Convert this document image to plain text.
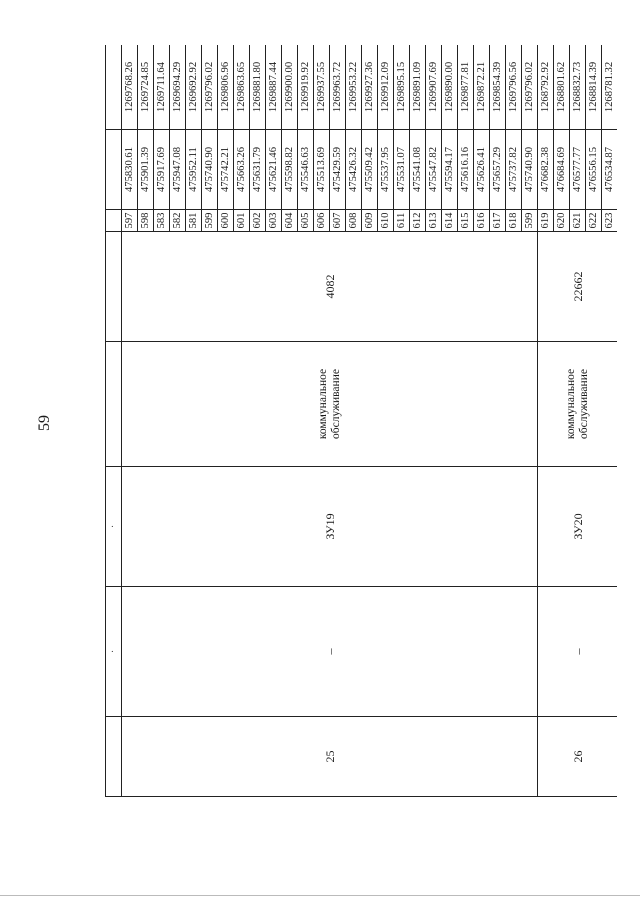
59
	·	·					
25	–	ЗУ19	коммунальное обслуживание	4082	597	475830.61	1269768.26
					598	475901.39	1269724.85
					583	475917.69	1269711.64
					582	475947.08	1269694.29
					581	475952.11	1269692.92
					599	475740.90	1269796.02
					600	475742.21	1269806.96
					601	475663.26	1269863.65
					602	475631.79	1269881.80
					603	475621.46	1269887.44
					604	475598.82	1269900.00
					605	475546.63	1269919.92
					606	475513.69	1269937.55
					607	475429.59	1269963.72
					608	475426.32	1269953.22
					609	475509.42	1269927.36
					610	475537.95	1269912.09
					611	475531.07	1269895.15
					612	475541.08	1269891.09
					613	475547.82	1269907.69
					614	475594.17	1269890.00
					615	475616.16	1269877.81
					616	475626.41	1269872.21
					617	475657.29	1269854.39
					618	475737.82	1269796.56
					599	475740.90	1269796.02
26	–	ЗУ20	коммунальное обслуживание	22662	619	476682.38	1268792.92
					620	476684.69	1268801.62
					621	476577.77	1268832.73
					622	476556.15	1268814.39
					623	476534.87	1268781.32
